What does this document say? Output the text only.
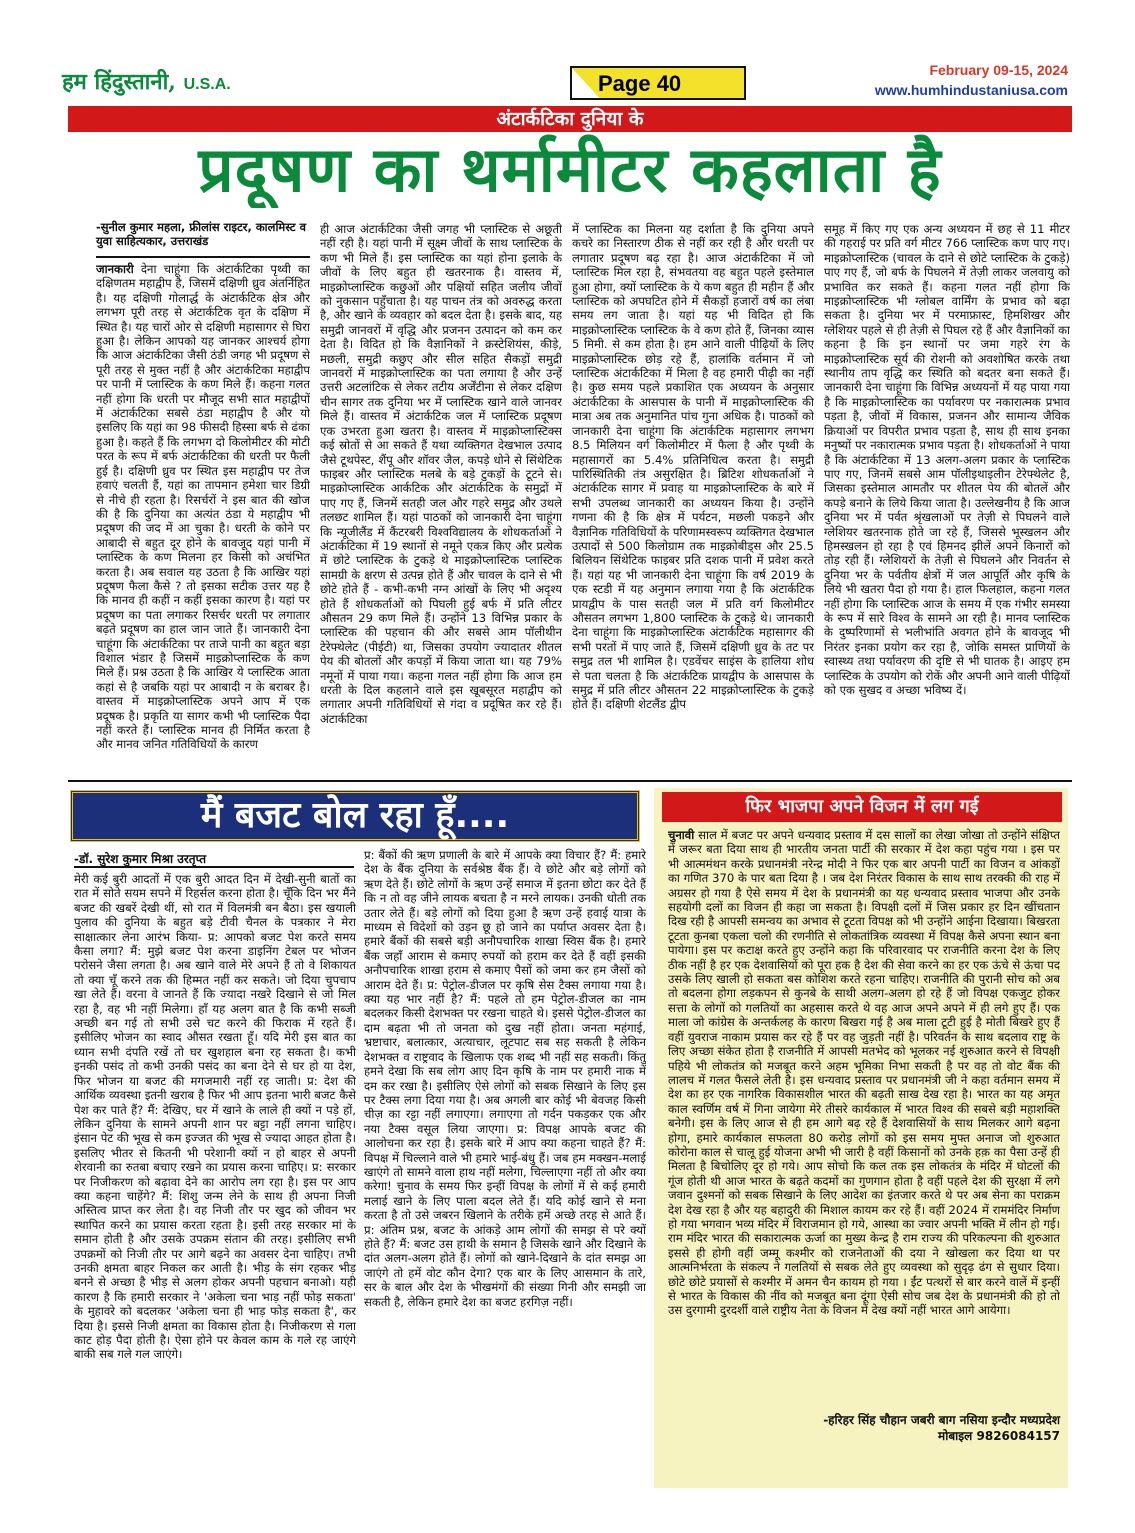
हम हिंदुस्तानी, U.S.A.	Page 40
February 09-15, 2024
www.humhindustaniusa.com
अंटार्कटिका दुनिया के
प्रदूषण का थर्मामीटर कहलाता है
-सुनील कुमार महला, फ्रीलांस राइटर, कालमिस्ट व युवा साहित्यकार, उत्तराखंड
जानकारी देना चाहूंगा कि अंटार्कटिका पृथ्वी का दक्षिणतम महाद्वीप है, जिसमें दक्षिणी ध्रुव अंतर्निहित है। यह दक्षिणी गोलार्द्ध के अंटार्कटिक क्षेत्र और लगभग पूरी तरह से अंटार्कटिक वृत के दक्षिण में स्थित है। यह चारों ओर से दक्षिणी महासागर से घिरा हुआ है। लेकिन आपको यह जानकर आश्चर्य होगा कि आज अंटार्कटिका जैसी ठंडी जगह भी प्रदूषण से पूरी तरह से मुक्त नहीं है और अंटार्कटिका महाद्वीप पर पानी में प्लास्टिक के कण मिले हैं। कहना गलत नहीं होगा कि धरती पर मौजूद सभी सात महाद्वीपों में अंटार्कटिका सबसे ठंडा महाद्वीप है और यो इसलिए कि यहां का 98 फीसदी हिस्सा बर्फ से ढंका हुआ है। कहते हैं कि लगभग दो किलोमीटर की मोटी परत के रूप में बर्फ अंटार्कटिका की धरती पर फैली हुई है। दक्षिणी ध्रुव पर स्थित इस महाद्वीप पर तेज हवाएं चलती हैं, यहां का तापमान हमेशा चार डिग्री से नीचे ही रहता है। रिसर्चरों ने इस बात की खोज की है कि दुनिया का अत्यंत ठंडा ये महाद्वीप भी प्रदूषण की जद में आ चुका है। धरती के कोने पर आबादी से बहुत दूर होने के बावजूद यहां पानी में प्लास्टिक के कण मिलना हर किसी को अचंभित करता है। अब सवाल यह उठता है कि आखिर यहां प्रदूषण फैला कैसे ? तो इसका सटीक उत्तर यह है कि मानव ही कहीं न कहीं इसका कारण है। यहां पर प्रदूषण का पता लगाकर रिसर्चर धरती पर लगातार बढ़ते प्रदूषण का हाल जान जाते हैं। जानकारी देना चाहूंगा कि अंटार्कटिका पर ताजे पानी का बहुत बड़ा विशाल भंडार है जिसमें माइक्रोप्लास्टिक के कण मिले हैं। प्रश्न उठता है कि आखिर ये प्लास्टिक आता कहां से है जबकि यहां पर आबादी न के बराबर है। वास्तव में माइक्रोप्लास्टिक अपने आप में एक प्रदूषक है। प्रकृति या सागर कभी भी प्लास्टिक पैदा नहीं करते हैं। प्लास्टिक मानव ही निर्मित करता है और मानव जनित गतिविधियों के कारण
ही आज अंटार्कटिका जैसी जगह भी प्लास्टिक से अछूती नहीं रही है। यहां पानी में सूक्ष्म जीवों के साथ प्लास्टिक के कण भी मिले हैं। इस प्लास्टिक का यहां होना इलाके के जीवों के लिए बहुत ही खतरनाक है। वास्तव में, माइक्रोप्लास्टिक कछुओं और पक्षियों सहित जलीय जीवों को नुकसान पहुँचाता है। यह पाचन तंत्र को अवरुद्ध करता है, और खाने के व्यवहार को बदल देता है। इसके बाद, यह समुद्री जानवरों में वृद्धि और प्रजनन उत्पादन को कम कर देता है। विदित हो कि वैज्ञानिकों ने क्रस्टेशियंस, कीड़े, मछली, समुद्री कछुए और सील सहित सैकड़ों समुद्री जानवरों में माइक्रोप्लास्टिक का पता लगाया है और उन्हें उत्तरी अटलांटिक से लेकर तटीय अर्जेंटीना से लेकर दक्षिण चीन सागर तक दुनिया भर में प्लास्टिक खाने वाले जानवर मिले हैं। वास्तव में अंटार्कटिक जल में प्लास्टिक प्रदूषण एक उभरता हुआ खतरा है। वास्तव में माइक्रोप्लास्टिक्स कई स्रोतों से आ सकते हैं यथा व्यक्तिगत देखभाल उत्पाद जैसे टूथपेस्ट, शैंपू और शॉवर जैल, कपड़े धोने से सिंथेटिक फाइबर और प्लास्टिक मलबे के बड़े टुकड़ों के टूटने से। माइक्रोप्लास्टिक आर्कटिक और अंटार्कटिक के समुद्रों में पाए गए हैं, जिनमें सतही जल और गहरे समुद्र और उथले तलछट शामिल हैं। यहां पाठकों को जानकारी देना चाहूंगा कि न्यूजीलैंड में कैंटरबरी विश्वविद्यालय के शोधकर्ताओं ने अंटार्कटिका में 19 स्थानों से नमूने एकत्र किए और प्रत्येक में छोटे प्लास्टिक के टुकड़े थे माइक्रोप्लास्टिक प्लास्टिक सामग्री के क्षरण से उत्पन्न होते हैं और चावल के दाने से भी छोटे होते हैं - कभी-कभी नग्न आंखों के लिए भी अदृश्य होते हैं शोधकर्ताओं को पिघली हुई बर्फ में प्रति लीटर औसतन 29 कण मिले हैं। उन्होंने 13 विभिन्न प्रकार के प्लास्टिक की पहचान की और सबसे आम पॉलीथीन टेरेफ्थेलेट (पीईटी) था, जिसका उपयोग ज्यादातर शीतल पेय की बोतलों और कपड़ों में किया जाता था। यह 79% नमूनों में पाया गया। कहना गलत नहीं होगा कि आज हम धरती के दिल कहलाने वाले इस खूबसूरत महाद्वीप को लगातार अपनी गतिविधियों से गंदा व प्रदूषित कर रहे हैं। अंटार्कटिका
में प्लास्टिक का मिलना यह दर्शाता है कि दुनिया अपने कचरे का निस्तारण ठीक से नहीं कर रही है और धरती पर लगातार प्रदूषण बढ़ रहा है। आज अंटार्कटिका में जो प्लास्टिक मिल रहा है, संभवतया वह बहुत पहले इस्तेमाल हुआ होगा, क्यों प्लास्टिक के ये कण बहुत ही महीन हैं और प्लास्टिक को अपघटित होने में सैकड़ों हजारों वर्ष का लंबा समय लग जाता है। यहां यह भी विदित हो कि माइक्रोप्लास्टिक प्लास्टिक के वे कण होते हैं, जिनका व्यास 5 मिमी. से कम होता है। हम आने वाली पीढ़ियों के लिए माइक्रोप्लास्टिक छोड़ रहे हैं, हालांकि वर्तमान में जो प्लास्टिक अंटार्कटिका में मिला है वह हमारी पीढ़ी का नहीं है। कुछ समय पहले प्रकाशित एक अध्ययन के अनुसार अंटार्कटिका के आसपास के पानी में माइक्रोप्लास्टिक की मात्रा अब तक अनुमानित पांच गुना अधिक है। पाठकों को जानकारी देना चाहूंगा कि अंटार्कटिक महासागर लगभग 8.5 मिलियन वर्ग किलोमीटर में फैला है और पृथ्वी के महासागरों का 5.4% प्रतिनिधित्व करता है। समुद्री पारिस्थितिकी तंत्र असुरक्षित है। ब्रिटिश शोधकर्ताओं ने अंटार्कटिक सागर में प्रवाह या माइक्रोप्लास्टिक के बारे में सभी उपलब्ध जानकारी का अध्ययन किया है। उन्होंने गणना की है कि क्षेत्र में पर्यटन, मछली पकड़ने और वैज्ञानिक गतिविधियों के परिणामस्वरूप व्यक्तिगत देखभाल उत्पादों से 500 किलोग्राम तक माइक्रोबीड्स और 25.5 बिलियन सिंथेटिक फाइबर प्रति दशक पानी में प्रवेश करते हैं। यहां यह भी जानकारी देना चाहूंगा कि वर्ष 2019 के एक स्टडी में यह अनुमान लगाया गया है कि अंटार्कटिक प्रायद्वीप के पास सतही जल में प्रति वर्ग किलोमीटर औसतन लगभग 1,800 प्लास्टिक के टुकड़े थे। जानकारी देना चाहूंगा कि माइक्रोप्लास्टिक अंटार्कटिक महासागर की सभी परतों में पाए जाते हैं, जिसमें दक्षिणी ध्रुव के तट पर समुद्र तल भी शामिल है। एडवेंचर साइंस के हालिया शोध से पता चलता है कि अंटार्कटिक प्रायद्वीप के आसपास के समुद्र में प्रति लीटर औसतन 22 माइक्रोप्लास्टिक के टुकड़े होते हैं। दक्षिणी शेटलैंड द्वीप
समूह में किए गए एक अन्य अध्ययन में छह से 11 मीटर की गहराई पर प्रति वर्ग मीटर 766 प्लास्टिक कण पाए गए। माइक्रोप्लास्टिक (चावल के दाने से छोटे प्लास्टिक के टुकड़े) पाए गए हैं, जो बर्फ के पिघलने में तेज़ी लाकर जलवायु को प्रभावित कर सकते हैं। कहना गलत नहीं होगा कि माइक्रोप्लास्टिक भी ग्लोबल वार्मिंग के प्रभाव को बढ़ा सकता है। दुनिया भर में परमाफ्रास्ट, हिमशिखर और ग्लेशियर पहले से ही तेज़ी से पिघल रहे हैं और वैज्ञानिकों का कहना है कि इन स्थानों पर जमा गहरे रंग के माइक्रोप्लास्टिक सूर्य की रोशनी को अवशोषित करके तथा स्थानीय ताप वृद्धि कर स्थिति को बदतर बना सकते हैं। जानकारी देना चाहूंगा कि विभिन्न अध्ययनों में यह पाया गया है कि माइक्रोप्लास्टिक का पर्यावरण पर नकारात्मक प्रभाव पड़ता है, जीवों में विकास, प्रजनन और सामान्य जैविक क्रियाओं पर विपरीत प्रभाव पड़ता है, साथ ही साथ इनका मनुष्यों पर नकारात्मक प्रभाव पड़ता है। शोधकर्ताओं ने पाया है कि अंटार्कटिका में 13 अलग-अलग प्रकार के प्लास्टिक पाए गए, जिनमें सबसे आम पॉलीइथाइलीन टेरेफ्थेलेट है, जिसका इस्तेमाल आमतौर पर शीतल पेय की बोतलें और कपड़े बनाने के लिये किया जाता है। उल्लेखनीय है कि आज दुनिया भर में पर्वत श्रृंखलाओं पर तेज़ी से पिघलने वाले ग्लेशियर खतरनाक होते जा रहे हैं, जिससे भूस्खलन और हिमस्खलन हो रहा है एवं हिमनद झीलें अपने किनारों को तोड़ रही हैं। ग्लेशियरों के तेज़ी से पिघलने और निवर्तन से दुनिया भर के पर्वतीय क्षेत्रों में जल आपूर्ति और कृषि के लिये भी खतरा पैदा हो गया है। हाल फिलहाल, कहना गलत नहीं होगा कि प्लास्टिक आज के समय में एक गंभीर समस्या के रूप में सारे विश्व के सामने आ रही है। मानव प्लास्टिक के दुष्परिणामों से भलीभांति अवगत होने के बावजूद भी निरंतर इनका प्रयोग कर रहा है, जोकि समस्त प्राणियों के स्वास्थ्य तथा पर्यावरण की दृष्टि से भी घातक है। आइए हम प्लास्टिक के उपयोग को रोकें और अपनी आने वाली पीढ़ियों को एक सुखद व अच्छा भविष्य दें।
मैं बजट बोल रहा हूँ....
-डॉ. सुरेश कुमार मिश्रा उरतृप्त
मेरी कई बुरी आदतों में एक बुरी आदत दिन में देखी-सुनी बातों का रात में सोते सयम सपने में रिहर्सल करना होता है। चूँकि दिन भर मैंने बजट की खबरें देखी थीं, सो रात में विलमंत्री बन बैठा। इस खयाली पुलाव की दुनिया के बहुत बड़े टीवी चैनल के पत्रकार ने मेरा साक्षात्कार लेना आरंभ किया- प्र: आपको बजट पेश करते समय कैसा लगा? मैं: मुझे बजट पेश करना डाइनिंग टेबल पर भोजन परोसने जैसा लगता है। अब खाने वाले मेरे अपने हैं तो वे शिकायत तो क्या चूँ करने तक की हिम्मत नहीं कर सकते। जो दिया चुपचाप खा लेते हैं। वरना वे जानते हैं कि ज्यादा नखरे दिखाने से जो मिल रहा है, वह भी नहीं मिलेगा। हाँ यह अलग बात है कि कभी सब्जी अच्छी बन गई तो सभी उसे चट करने की फिराक में रहते हैं। इसीलिए भोजन का स्वाद औसत रखता हूँ। यदि मेरी इस बात का ध्यान सभी दंपति रखें तो घर खुशहाल बना रह सकता है। कभी इनकी पसंद तो कभी उनकी पसंद का बना देने से घर हो या देश, फिर भोजन या बजट की मगजमारी नहीं रह जाती। प्र: देश की आर्थिक व्यवस्था इतनी खराब है फिर भी आप इतना भारी बजट कैसे पेश कर पाते हैं? मैं: देखिए, घर में खाने के लाले ही क्यों न पड़े हों, लेकिन दुनिया के सामने अपनी शान पर बट्टा नहीं लगना चाहिए। इंसान पेट की भूख से कम इज्जत की भूख से ज्यादा आहत होता है। इसलिए भीतर से कितनी भी परेशानी क्यों न हो बाहर से अपनी शेरवानी का रुतबा बचाए रखने का प्रयास करना चाहिए। प्र: सरकार पर निजीकरण को बढ़ावा देने का आरोप लग रहा है। इस पर आप क्या कहना चाहेंगे? मैं: शिशु जन्म लेने के साथ ही अपना निजी अस्तित्व प्राप्त कर लेता है। वह निजी तौर पर खुद को जीवन भर स्थापित करने का प्रयास करता रहता है। इसी तरह सरकार मां के समान होती है और उसके उपक्रम संतान की तरह। इसीलिए सभी उपक्रमों को निजी तौर पर आगे बढ़ने का अवसर देना चाहिए। तभी उनकी क्षमता बाहर निकल कर आती है। भीड़ के संग रहकर भीड़ बनने से अच्छा है भीड़ से अलग होकर अपनी पहचान बनाओ। यही कारण है कि हमारी सरकार ने 'अकेला चना भाड़ नहीं फोड़ सकता' के मुहावरे को बदलकर 'अकेला चना ही भाड़ फोड़ सकता है', कर दिया है। इससे निजी क्षमता का विकास होता है। निजीकरण से गला काट होड़ पैदा होती है। ऐसा होने पर केवल काम के गले रह जाएंगे बाकी सब गले गल जाएंगे।
प्र: बैंकों की ऋण प्रणाली के बारे में आपके क्या विचार हैं? मैं: हमारे देश के बैंक दुनिया के सर्वश्रेष्ठ बैंक हैं। वे छोटे और बड़े लोगों को ऋण देते हैं। छोटे लोगों के ऋण उन्हें समाज में इतना छोटा कर देते हैं कि न तो वह जीने लायक बचता है न मरने लायक। उनकी धोती तक उतार लेते हैं। बड़े लोगों को दिया हुआ है ऋण उन्हें हवाई यात्रा के माध्यम से विदेशों को उड़न छू हो जाने का पर्याप्त अवसर देता है। हमारे बैंकों की सबसे बड़ी अनौपचारिक शाखा स्विस बैंक है। हमारे बैंक जहाँ आराम से कमाए रुपयों को हराम कर देते हैं वहीं इसकी अनौपचारिक शाखा हराम से कमाए पैसों को जमा कर हम जैसों को आराम देते हैं। प्र: पेट्रोल-डीजल पर कृषि सेस टैक्स लगाया गया है। क्या यह भार नहीं है? मैं: पहले तो हम पेट्रोल-डीजल का नाम बदलकर किसी देशभक्त पर रखना चाहते थे। इससे पेट्रोल-डीजल का दाम बढ़ता भी तो जनता को दुख नहीं होता। जनता महंगाई, भ्रष्टाचार, बलात्कार, अत्याचार, लूटपाट सब सह सकती है लेकिन देशभक्त व राष्ट्रवाद के खिलाफ एक शब्द भी नहीं सह सकती। किंतु हमने देखा कि सब लोग आए दिन कृषि के नाम पर हमारी नाक में दम कर रखा है। इसीलिए ऐसे लोगों को सबक सिखाने के लिए इस पर टैक्स लगा दिया गया है। अब अगली बार कोई भी बेवजह किसी चीज़ का रट्टा नहीं लगाएगा। लगाएगा तो गर्दन पकड़कर एक और नया टैक्स वसूल लिया जाएगा। प्र: विपक्ष आपके बजट की आलोचना कर रहा है। इसके बारे में आप क्या कहना चाहते हैं? मैं: विपक्ष में चिल्लाने वाले भी हमारे भाई-बंधु हैं। जब हम मक्खन-मलाई खाएंगे तो सामने वाला हाथ नहीं मलेगा, चिल्लाएगा नहीं तो और क्या करेगा! चुनाव के समय फिर इन्हीं विपक्ष के लोगों में से कई हमारी मलाई खाने के लिए पाला बदल लेते हैं। यदि कोई खाने से मना करता है तो उसे जबरन खिलाने के तरीके हमें अच्छे तरह से आते हैं। प्र: अंतिम प्रश्न, बजट के आंकड़े आम लोगों की समझ से परे क्यों होते हैं? मैं: बजट उस हाथी के समान है जिसके खाने और दिखाने के दांत अलग-अलग होते हैं। लोगों को खाने-दिखाने के दांत समझ आ जाएंगे तो हमें वोट कौन देगा? एक बार के लिए आसमान के तारे, सर के बाल और देश के भीखमंगों की संख्या गिनी और समझी जा सकती है, लेकिन हमारे देश का बजट हरगिज़ नहीं।
फिर भाजपा अपने विजन में लग गई
चुनावी साल में बजट पर अपने धन्यवाद प्रस्ताव में दस सालों का लेखा जोखा तो उन्होंने संक्षिप्त में जरूर बता दिया साथ ही भारतीय जनता पार्टी की सरकार में देश कहा पहुंच गया । इस पर भी आत्ममंथन करके प्रधानमंत्री नरेन्द्र मोदी ने फिर एक बार अपनी पार्टी का विजन व आंकड़ों का गणित 370 के पार बता दिया है । जब देश निरंतर विकास के साथ साथ तरक्की की राह में अग्रसर हो गया है ऐसे समय में देश के प्रधानमंत्री का यह धन्यवाद प्रस्ताव भाजपा और उनके सहयोगी दलों का विजन ही कहा जा सकता है। विपक्षी दलों में जिस प्रकार हर दिन खींचतान दिख रही है आपसी समन्वय का अभाव से टूटता विपक्ष को भी उन्होंने आईना दिखाया। बिखरता टूटता कुनबा एकला चलो की रणनीति से लोकतांत्रिक व्यवस्था में विपक्ष कैसे अपना स्थान बना पायेगा। इस पर कटाक्ष करते हुए उन्होंने कहा कि परिवारवाद पर राजनीति करना देश के लिए ठीक नहीं है हर एक देशवासियों को पूरा हक है देश की सेवा करने का हर एक ऊंचे से ऊंचा पद उसके लिए खाली हो सकता बस कोशिश करते रहना चाहिए। राजनीति की पुरानी सोच को अब तो बदलना होगा लड़कपन से कुनबे के साथी अलग-अलग हो रहे हैं जो विपक्ष एकजुट होकर सत्ता के लोगों को गलतियों का अहसास करते थे वह आज अपने अपने में ही लगे हुए हैं। एक माला जो कांग्रेस के अन्तर्कलह के कारण बिखरा गई है अब माला टूटी हुई है मोती बिखरे हुए हैं वहीं युवराज नाकाम प्रयास कर रहे हैं पर वह जुड़ती नहीं है। परिवर्तन के साथ बदलाव राष्ट्र के लिए अच्छा संकेत होता है राजनीति में आपसी मतभेद को भूलकर नई शुरुआत करने से विपक्षी पहिये भी लोकतंत्र को मजबूत करने अहम भूमिका निभा सकती है पर वह तो वोट बैंक की लालच में गलत फैसले लेती है। इस धन्यवाद प्रस्ताव पर प्रधानमंत्री जी ने कहा वर्तमान समय में देश का हर एक नागरिक विकासशील भारत की बढ़ती साख देख रहा है। भारत का यह अमृत काल स्वर्णिम वर्ष में गिना जायेगा मेरे तीसरे कार्यकाल में भारत विश्व की सबसे बड़ी महाशक्ति बनेगी। इस के लिए आज से ही हम आगे बढ़ रहे हैं देशवासियों के साथ मिलकर आगे बढ़ना होगा, हमारे कार्यकाल सफलता 80 करोड़ लोगों को इस समय मुफ्त अनाज जो शुरुआत कोरोना काल से चालू हुई योजना अभी भी जारी है वहीं किसानों को उनके हक़ का पैसा उन्हें ही मिलता है बिचोलिए दूर हो गये। आप सोचो कि कल तक इस लोकतंत्र के मंदिर में घोटलों की गूंज होती थी आज भारत के बढ़ते कदमों का गुणगान होता है वहीं पहले देश की सुरक्षा में लगे जवान दुश्मनों को सबक सिखाने के लिए आदेश का इंतजार करते थे पर अब सेना का पराक्रम देश देख रहा है और यह बहादुरी की मिशाल कायम कर रहे हैं। वहीं 2024 में राममंदिर निर्माण हो गया भगवान भव्य मंदिर में विराजमान हो गये, आस्था का ज्वार अपनी भक्ति में लीन हो गई। राम मंदिर भारत की सकारात्मक ऊर्जा का मुख्य केन्द्र है राम राज्य की परिकल्पना की शुरुआत इससे ही होगी वहीं जम्मू कश्मीर को राजनेताओं की दया ने खोखला कर दिया था पर आत्मनिर्भरता के संकल्प ने गलतियों से सबक लेते हुए व्यवस्था को सुदृढ़ ढंग से सुधार दिया। छोटे छोटे प्रयासों से कश्मीर में अमन चैन कायम हो गया । ईंट पत्थरों से बार करने वालें में इन्हीं से भारत के विकास की नींव को मजबूत बना दूंगा ऐसी सोच जब देश के प्रधानमंत्री की हो तो उस दुरगामी दुरदर्शी वाले राष्ट्रीय नेता के विजन में देख क्यों नहीं भारत आगे आयेगा।
-हरिहर सिंह चौहान जबरी बाग नसिया इन्दौर मध्यप्रदेश
मोबाइल 9826084157
